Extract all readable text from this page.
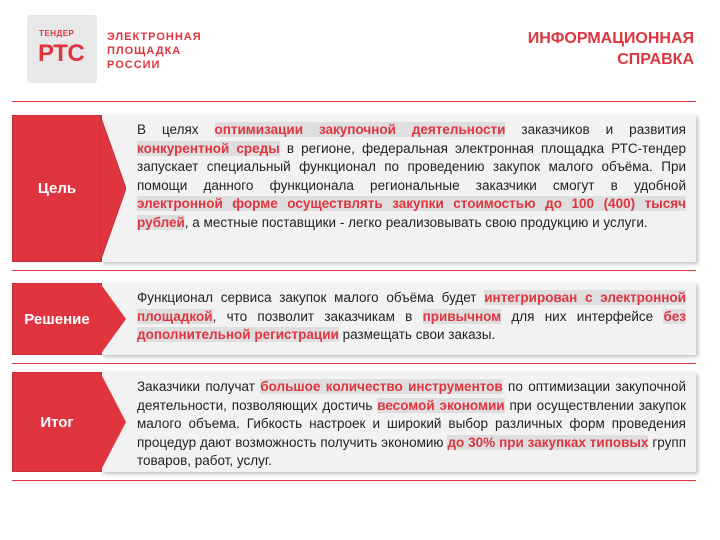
ТЕНДЕР
РТС
ЭЛЕКТРОННАЯ
ПЛОЩАДКА
РОССИИ
ИНФОРМАЦИОННАЯ
СПРАВКА
В целях оптимизации закупочной деятельности заказчиков и развития конкурентной среды в регионе, федеральная электронная площадка РТС-тендер запускает специальный функционал по проведению закупок малого объёма. При помощи данного функционала региональные заказчики смогут в удобной электронной форме осуществлять закупки стоимостью до 100 (400) тысяч рублей, а местные поставщики - легко реализовывать свою продукцию и услуги.
Цель
Функционал сервиса закупок малого объёма будет интегрирован с электронной площадкой, что позволит заказчикам в привычном для них интерфейсе без дополнительной регистрации размещать свои заказы.
Решение
Заказчики получат большое количество инструментов по оптимизации закупочной деятельности, позволяющих достичь весомой экономии при осуществлении закупок малого объема. Гибкость настроек и широкий выбор различных форм проведения процедур дают возможность получить экономию до 30% при закупках типовых групп товаров, работ, услуг.
Итог
